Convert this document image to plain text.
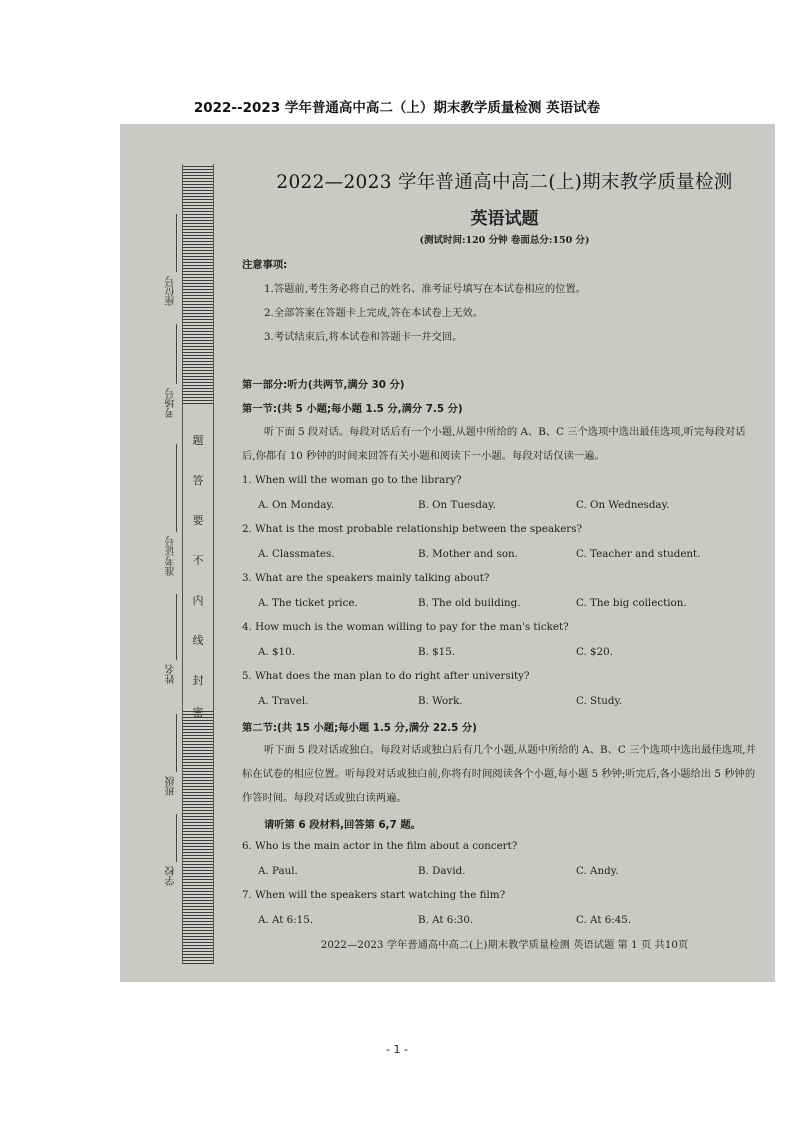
2022--2023 学年普通高中高二（上）期末教学质量检测 英语试卷
题
答
要
不
内
线
封
密
座位号
考场号
准考证号
姓名
班级
学校
2022—2023 学年普通高中高二(上)期末教学质量检测
英语试题
(测试时间:120 分钟 卷面总分:150 分)
注意事项:
1.答题前,考生务必将自己的姓名、准考证号填写在本试卷相应的位置。
2.全部答案在答题卡上完成,答在本试卷上无效。
3.考试结束后,将本试卷和答题卡一并交回。
第一部分:听力(共两节,满分 30 分)
第一节:(共 5 小题;每小题 1.5 分,满分 7.5 分)
听下面 5 段对话。每段对话后有一个小题,从题中所给的 A、B、C 三个选项中选出最佳选项,听完每段对话后,你都有 10 秒钟的时间来回答有关小题和阅读下一小题。每段对话仅读一遍。
1. When will the woman go to the library?
A. On Monday.	B. On Tuesday.	C. On Wednesday.
2. What is the most probable relationship between the speakers?
A. Classmates.	B. Mother and son.	C. Teacher and student.
3. What are the speakers mainly talking about?
A. The ticket price.	B. The old building.	C. The big collection.
4. How much is the woman willing to pay for the man's ticket?
A. $10.	B. $15.	C. $20.
5. What does the man plan to do right after university?
A. Travel.	B. Work.	C. Study.
第二节:(共 15 小题;每小题 1.5 分,满分 22.5 分)
听下面 5 段对话或独白。每段对话或独白后有几个小题,从题中所给的 A、B、C 三个选项中选出最佳选项,并标在试卷的相应位置。听每段对话或独白前,你将有时间阅读各个小题,每小题 5 秒钟;听完后,各小题给出 5 秒钟的作答时间。每段对话或独白读两遍。
请听第 6 段材料,回答第 6,7 题。
6. Who is the main actor in the film about a concert?
A. Paul.	B. David.	C. Andy.
7. When will the speakers start watching the film?
A. At 6:15.	B. At 6:30.	C. At 6:45.
2022—2023 学年普通高中高二(上)期末教学质量检测 英语试题 第 1 页 共10页
- 1 -
